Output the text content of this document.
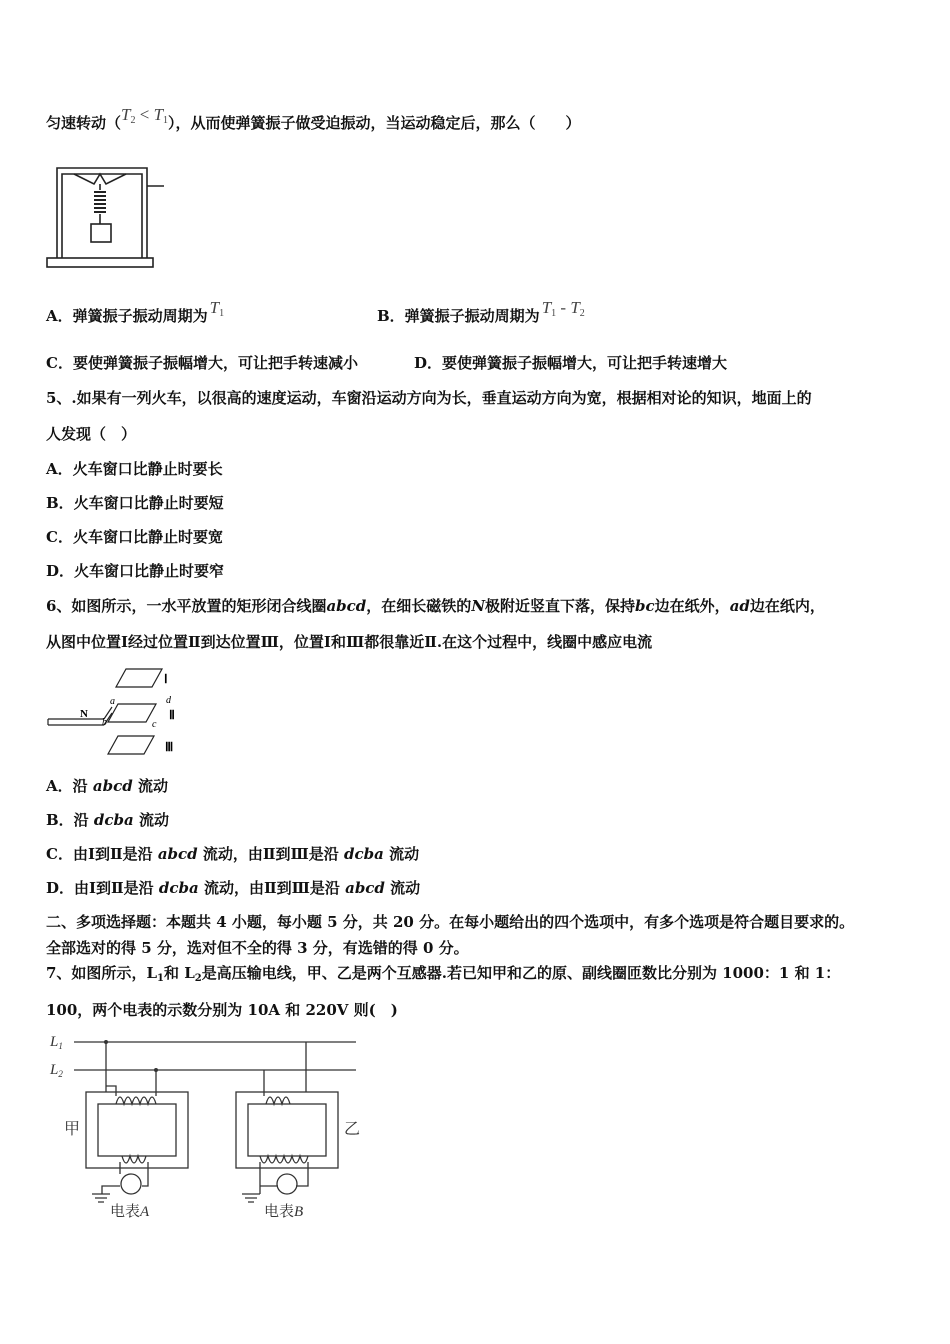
匀速转动$(T_2 < T_1)$，从而使弹簧振子做受迫振动，当运动稳定后，那么（　　）
A．弹簧振子振动周期为 $T_1$	B．弹簧振子振动周期为 $T_1 - T_2$
C．要使弹簧振子振幅增大，可让把手转速减小	D．要使弹簧振子振幅增大，可让把手转速增大
5、.如果有一列火车，以很高的速度运动，车窗沿运动方向为长，垂直运动方向为宽，根据相对论的知识，地面上的
人发现（　）
A．火车窗口比静止时要长
B．火车窗口比静止时要短
C．火车窗口比静止时要宽
D．火车窗口比静止时要窄
6、如图所示，一水平放置的矩形闭合线圈abcd，在细长磁铁的N极附近竖直下落，保持bc边在纸外，ad边在纸内，
从图中位置Ⅰ经过位置Ⅱ到达位置Ⅲ，位置Ⅰ和Ⅲ都很靠近Ⅱ.在这个过程中，线圈中感应电流
N
Ⅰ
Ⅱ
Ⅲ
a
b	c
d
A．沿 abcd 流动
B．沿 dcba 流动
C．由Ⅰ到Ⅱ是沿 abcd 流动，由Ⅱ到Ⅲ是沿 dcba 流动
D．由Ⅰ到Ⅱ是沿 dcba 流动，由Ⅱ到Ⅲ是沿 abcd 流动
二、多项选择题：本题共 4 小题，每小题 5 分，共 20 分。在每小题给出的四个选项中，有多个选项是符合题目要求的。
全部选对的得 5 分，选对但不全的得 3 分，有选错的得 0 分。
7、如图所示，$L_1$和 $L_2$是高压输电线，甲、乙是两个互感器.若已知甲和乙的原、副线圈匝数比分别为 1000：1 和 1：
100，两个电表的示数分别为 10A 和 220V 则(　)
$L_1$
$L_2$
甲	乙
电表A	电表B
